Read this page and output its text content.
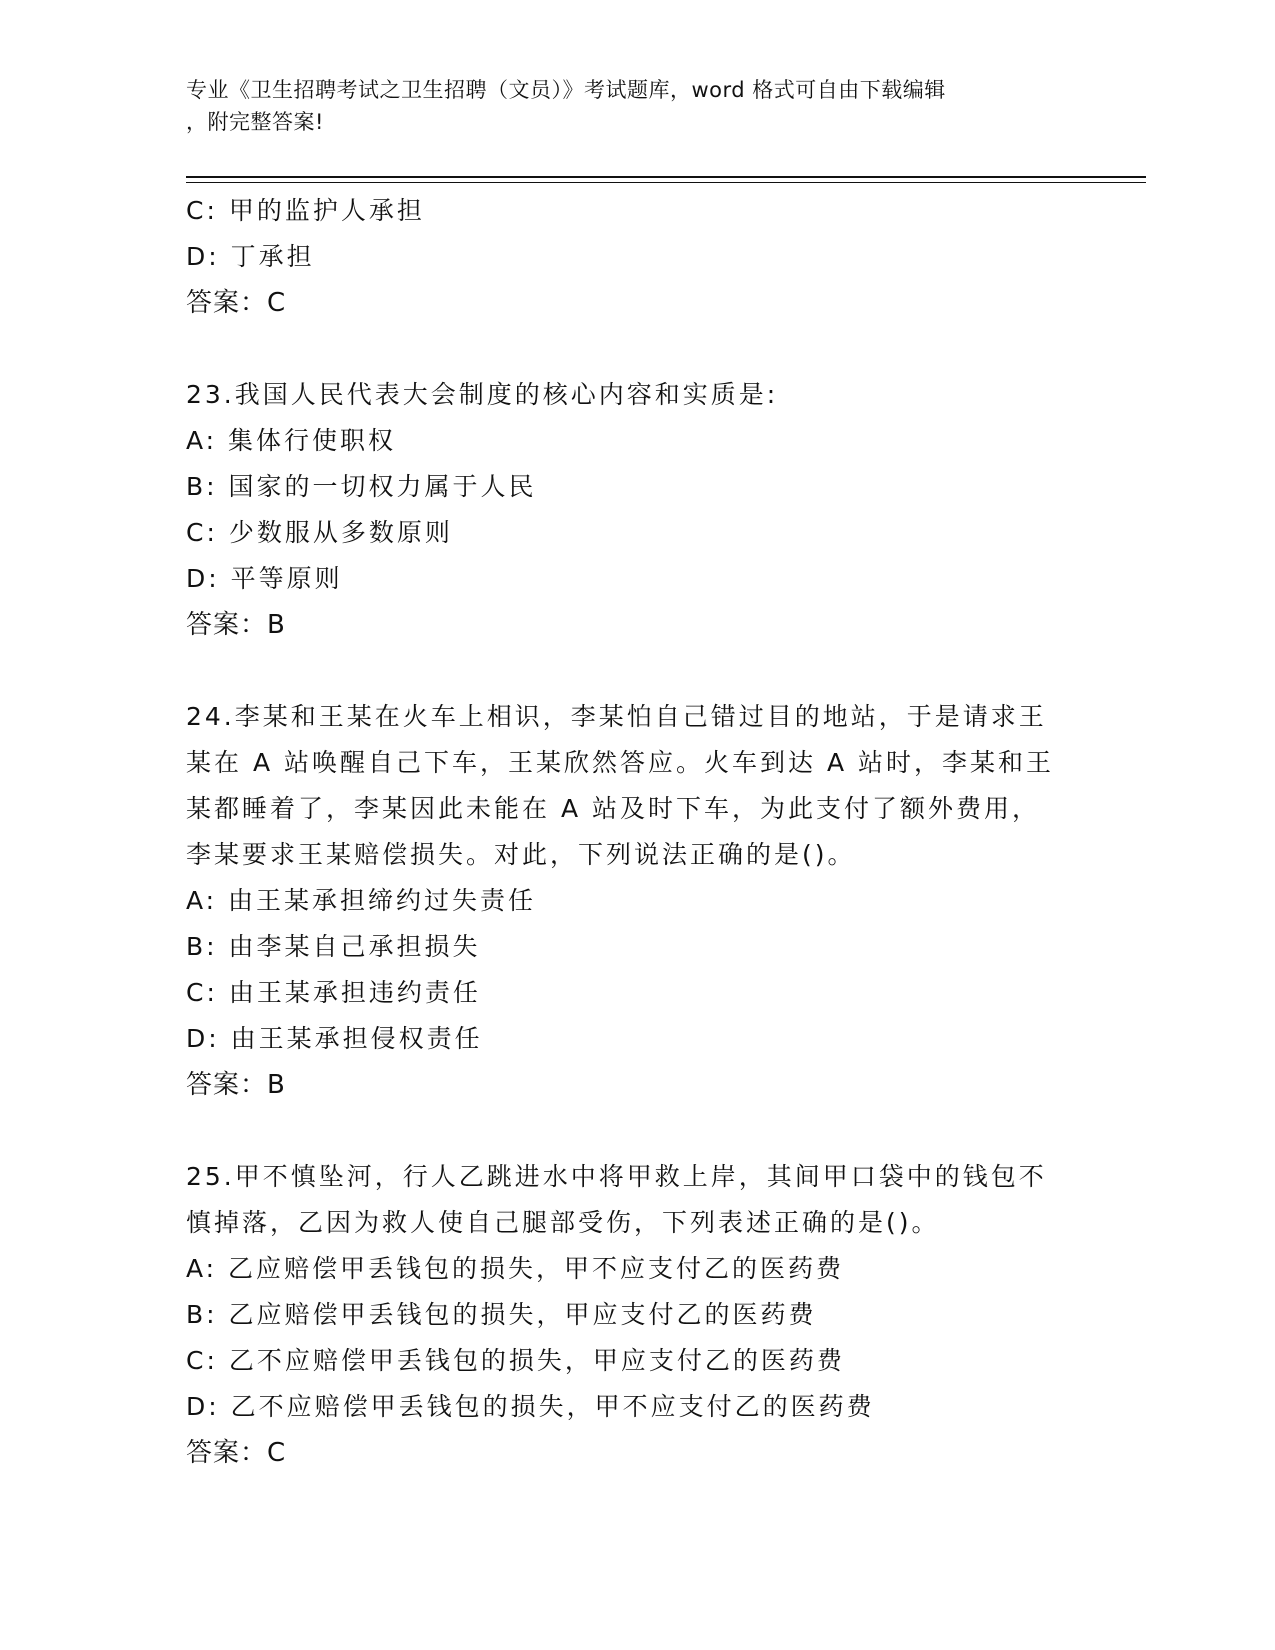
专业《卫生招聘考试之卫生招聘（文员）》考试题库，word 格式可自由下载编辑
，附完整答案!
C: 甲的监护人承担
D: 丁承担
答案：C
23.我国人民代表大会制度的核心内容和实质是:
A: 集体行使职权
B: 国家的一切权力属于人民
C: 少数服从多数原则
D: 平等原则
答案：B
24.李某和王某在火车上相识，李某怕自己错过目的地站，于是请求王
某在 A 站唤醒自己下车，王某欣然答应。火车到达 A 站时，李某和王
某都睡着了，李某因此未能在 A 站及时下车，为此支付了额外费用，
李某要求王某赔偿损失。对此，下列说法正确的是()。
A: 由王某承担缔约过失责任
B: 由李某自己承担损失
C: 由王某承担违约责任
D: 由王某承担侵权责任
答案：B
25.甲不慎坠河，行人乙跳进水中将甲救上岸，其间甲口袋中的钱包不
慎掉落，乙因为救人使自己腿部受伤，下列表述正确的是()。
A: 乙应赔偿甲丢钱包的损失，甲不应支付乙的医药费
B: 乙应赔偿甲丢钱包的损失，甲应支付乙的医药费
C: 乙不应赔偿甲丢钱包的损失，甲应支付乙的医药费
D: 乙不应赔偿甲丢钱包的损失，甲不应支付乙的医药费
答案：C
